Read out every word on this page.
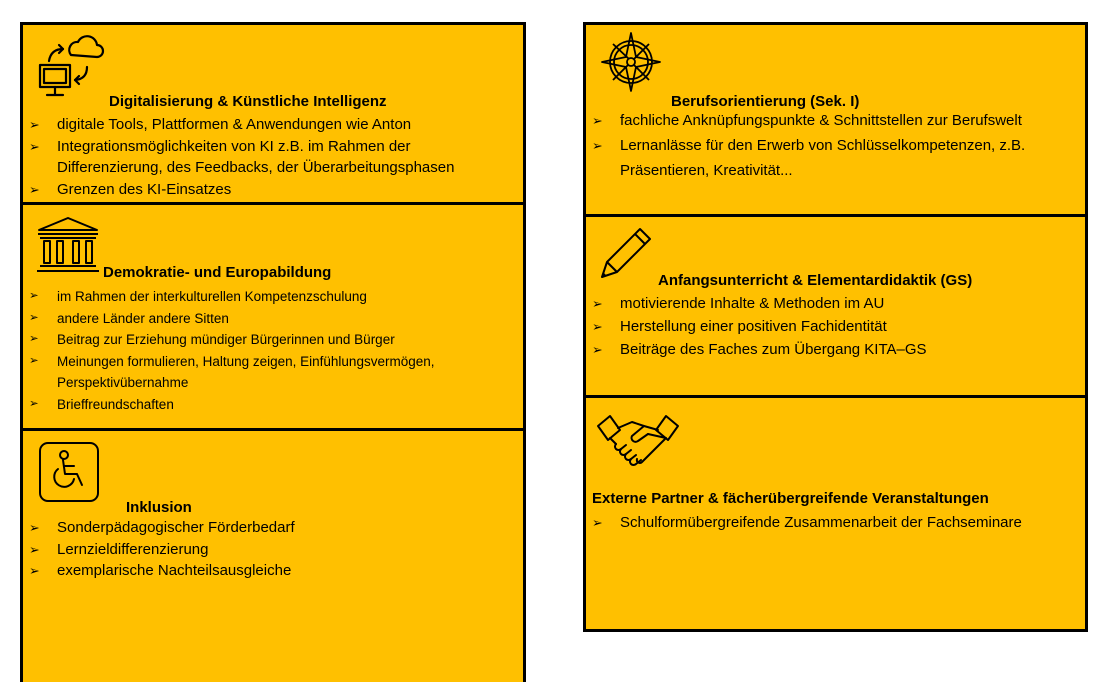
Digitalisierung & Künstliche Intelligenz
➢ digitale Tools, Plattformen & Anwendungen wie Anton
➢ Integrationsmöglichkeiten von KI z.B. im Rahmen der Differenzierung, des Feedbacks, der Überarbeitungsphasen
➢ Grenzen des KI-Einsatzes
Demokratie- und Europabildung
➢ im Rahmen der interkulturellen Kompetenzschulung
➢ andere Länder andere Sitten
➢ Beitrag zur Erziehung mündiger Bürgerinnen und Bürger
➢ Meinungen formulieren, Haltung zeigen, Einfühlungsvermögen, Perspektivübernahme
➢ Brieffreundschaften
Inklusion
➢ Sonderpädagogischer Förderbedarf
➢ Lernzieldifferenzierung
➢ exemplarische Nachteilsausgleiche
Berufsorientierung (Sek. I)
➢ fachliche Anknüpfungspunkte & Schnittstellen zur Berufswelt
➢ Lernanlässe für den Erwerb von Schlüsselkompetenzen, z.B. Präsentieren, Kreativität...
Anfangsunterricht & Elementardidaktik (GS)
➢ motivierende Inhalte & Methoden im AU
➢ Herstellung einer positiven Fachidentität
➢ Beiträge des Faches zum Übergang KITA–GS
Externe Partner & fächerübergreifende Veranstaltungen
➢ Schulformübergreifende Zusammenarbeit der Fachseminare
